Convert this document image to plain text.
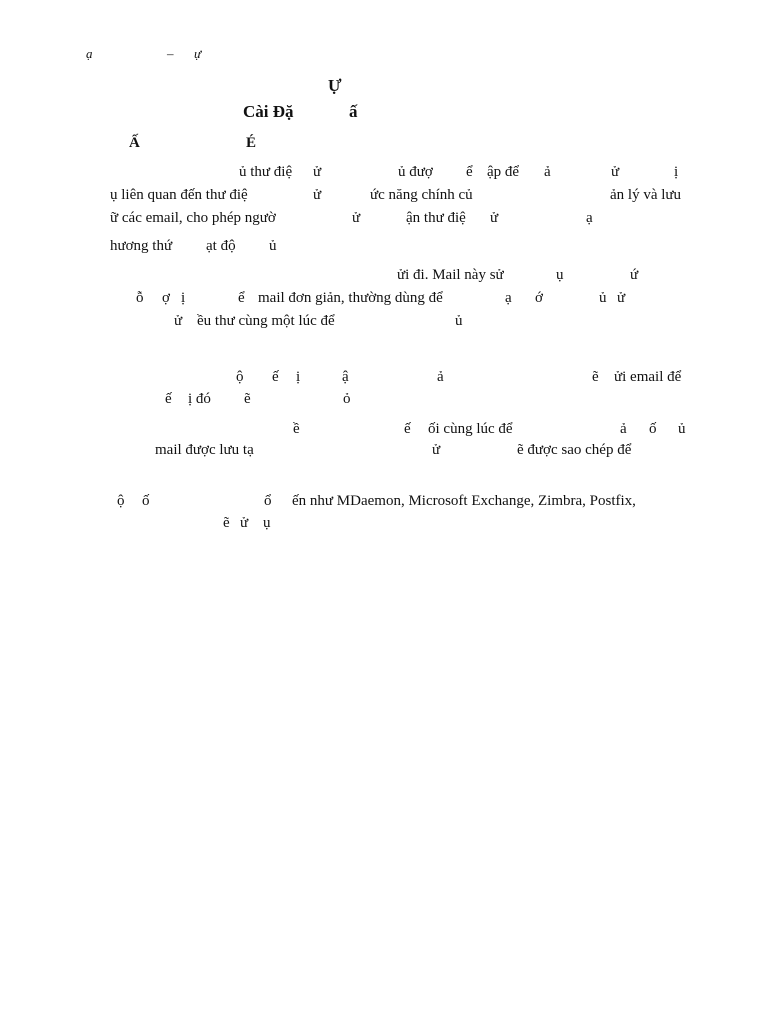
ạ	– ự
Ự
Cài Đặ	ấ
Ấ	É
ủ thư điệ ử	ủ đượ ể ập để ả	ử	ị
ụ liên quan đến thư điệ	ử	ức năng chính củ	ản lý và lưu
ữ các email, cho phép ngườ	ử	ận thư điệ ử	ạ
hương thứ ạt độ ủ
ửi đi. Mail này sử	ụ	ứ
ỗ ợ ị	ể mail đơn giản, thường dùng để	ạ ớ	ủ ử
ử ều thư cùng một lúc để	ủ
ộ ế ị	ậ	ả	ẽ ửi email để
ế ị đó ẽ	ỏ
ề	ế ối cùng lúc để	ả ố ủ
mail được lưu tạ	ử	ẽ được sao chép để
ộ ố	ổ ến như MDaemon, Microsoft Exchange, Zimbra, Postfix,
ẽ ử ụ
